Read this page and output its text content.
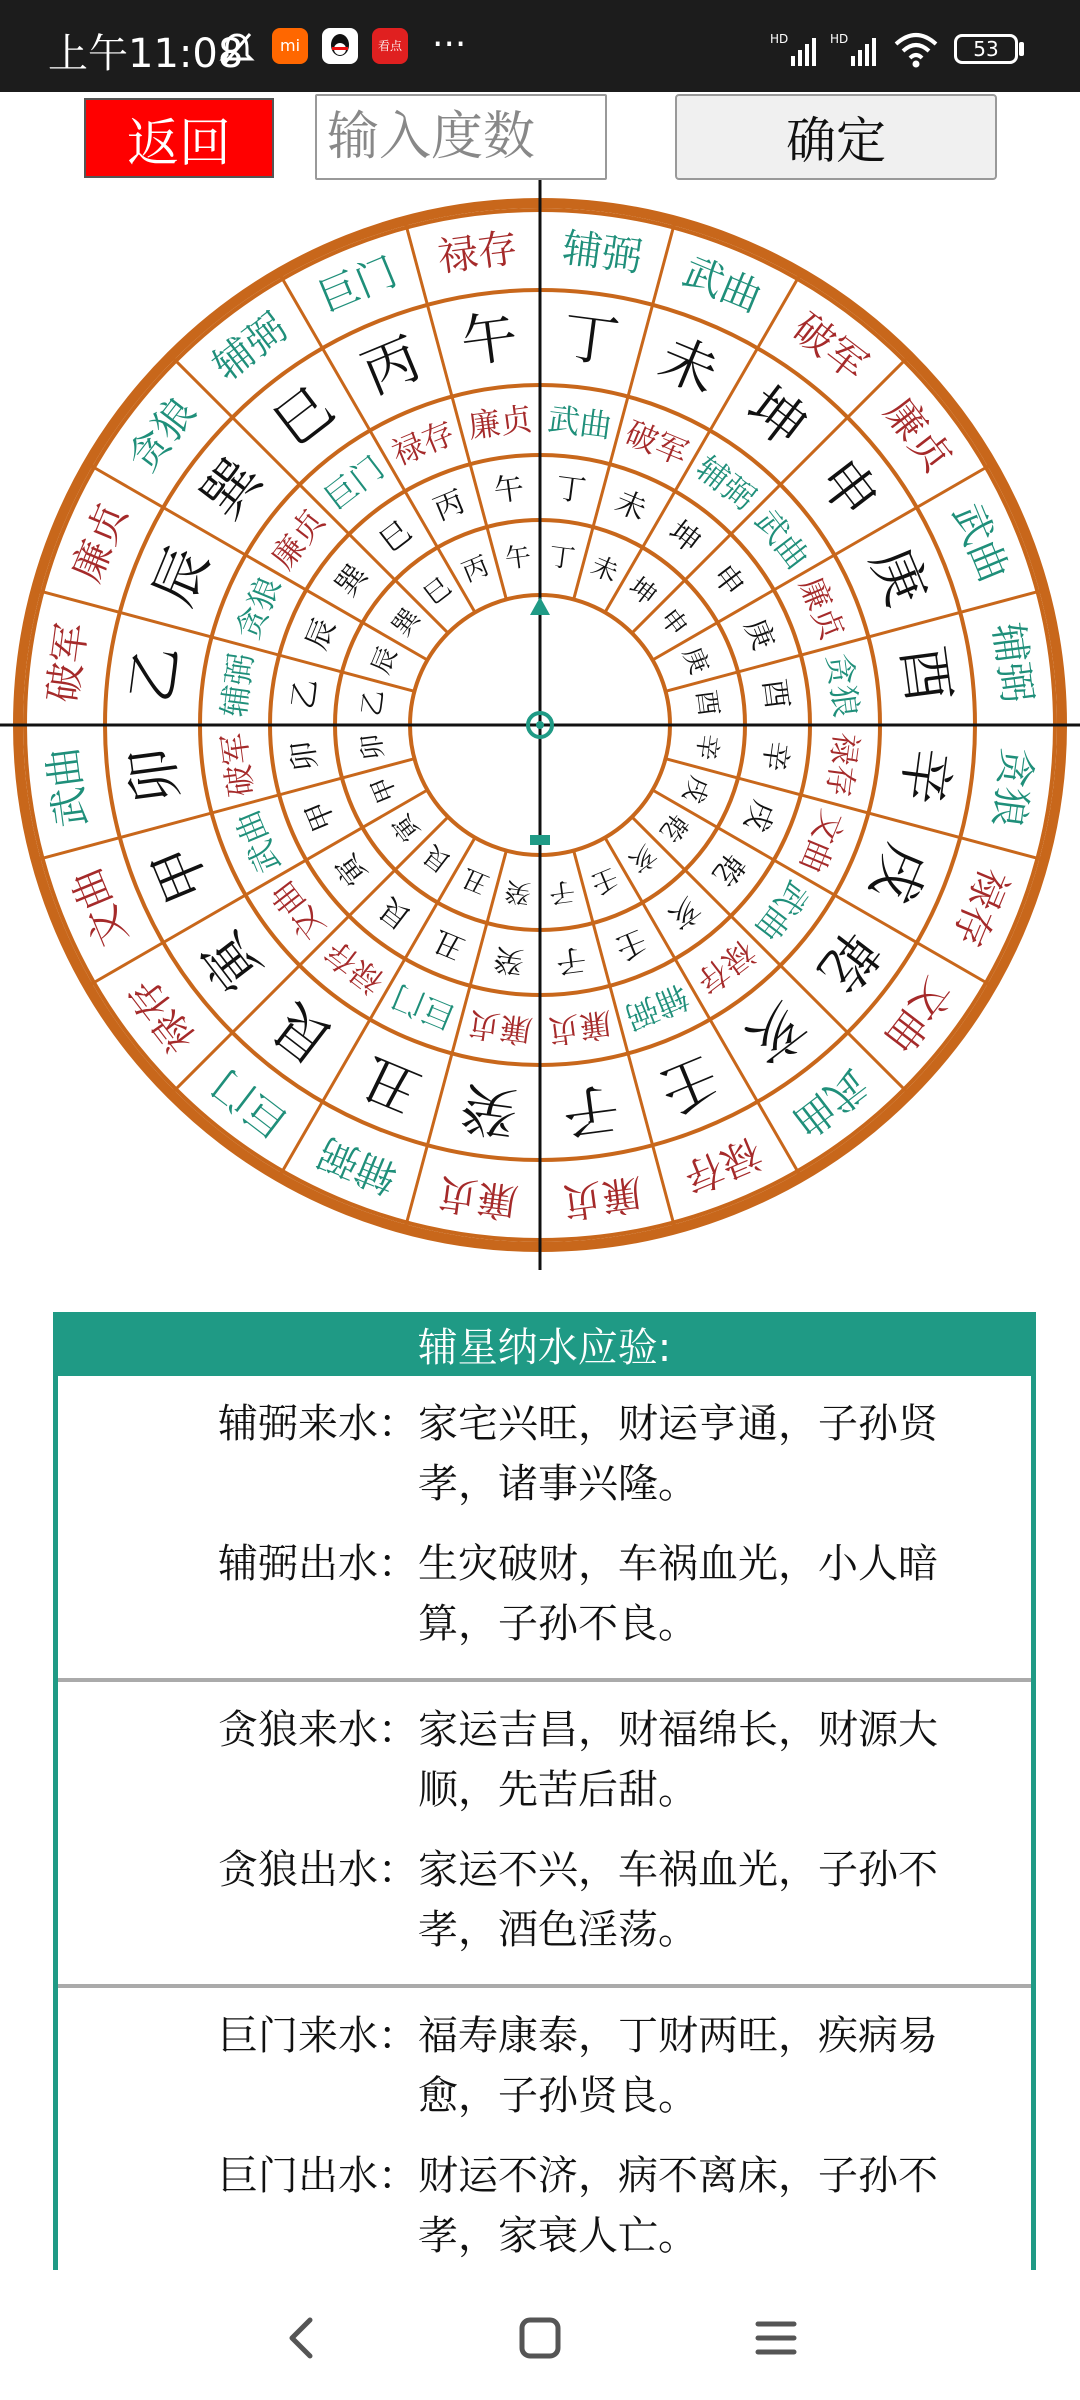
上午11:08	mi	看点 ···	HD	HD	53
返回
输入度数	确定
辅弼 武曲
破军
廉贞
武曲
辅弼
贪狼
禄存
文曲
武曲
禄存
廉贞
廉贞
辅弼
巨门
禄存
文曲
武曲
破军
廉贞
贪狼
辅弼
巨门 禄存
丁 未
坤
申
庚
酉
辛
戌
乾
亥
壬
子
癸
丑
艮
寅
甲
卯
乙
辰
巽
巳
丙 午
武曲 破军
辅弼
武曲
廉贞
贪狼
禄存
文曲
武曲
禄存
辅弼
廉贞
廉贞
巨门
禄存
文曲
武曲
破军
辅弼
贪狼
廉贞
巨门
禄存 廉贞
丁
丁
未
未
坤
坤 申
申 庚
庚
酉
酉
辛
辛
戌
戌
乾
乾
亥
亥
壬
壬
子
子
癸
癸
丑
丑
艮
艮
寅
寅
甲
甲
卯 卯
乙 乙
辰
辰
巽
巽
巳
巳
丙
丙
午
午
辅星纳水应验:
辅弼来水： 家宅兴旺，财运亨通，子孙贤孝，诸事兴隆。
辅弼出水： 生灾破财，车祸血光，小人暗算，子孙不良。
贪狼来水： 家运吉昌，财福绵长，财源大顺，先苦后甜。
贪狼出水： 家运不兴，车祸血光，子孙不孝，酒色淫荡。
巨门来水： 福寿康泰，丁财两旺，疾病易愈，子孙贤良。
巨门出水： 财运不济，病不离床，子孙不孝，家衰人亡。
